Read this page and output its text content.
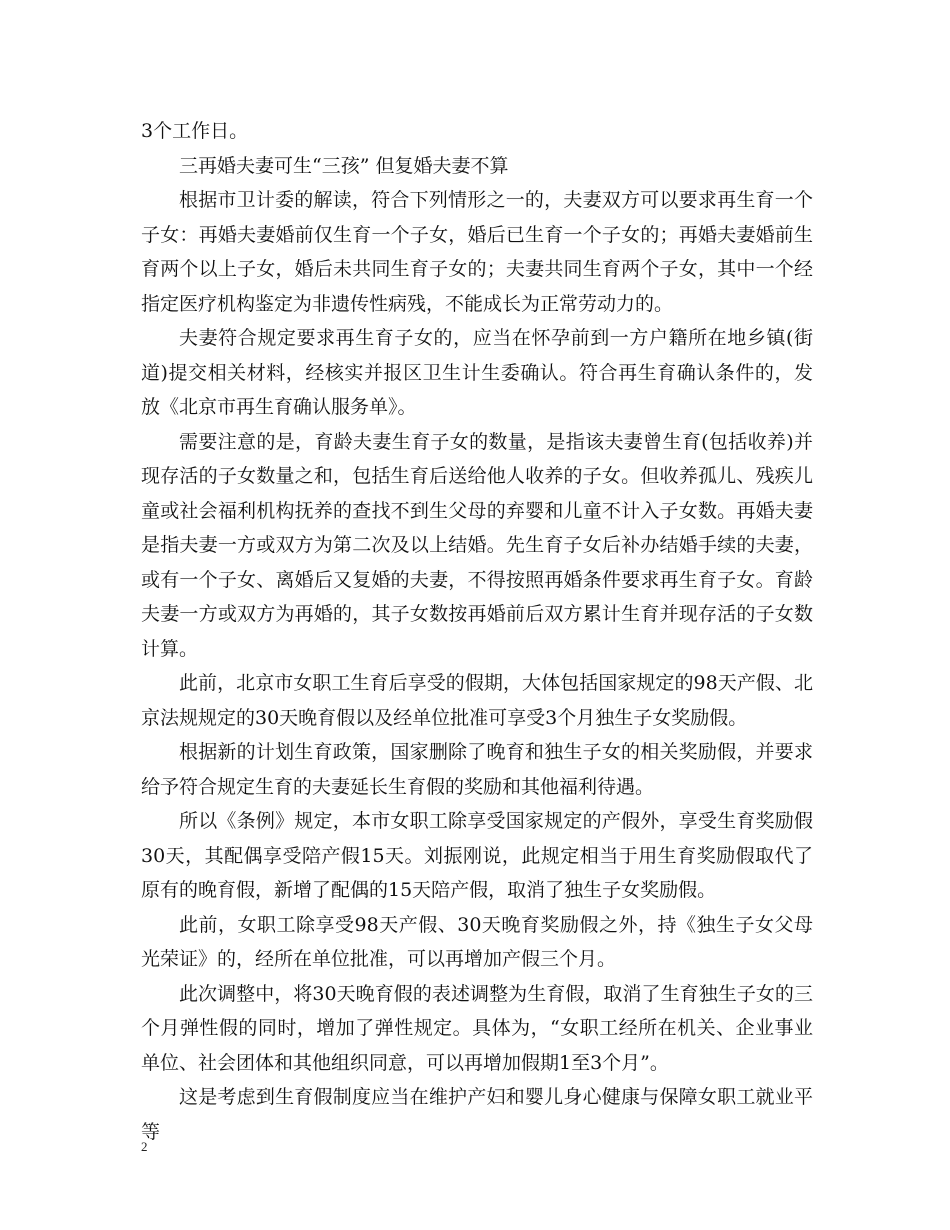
3个工作日。

三再婚夫妻可生“三孩” 但复婚夫妻不算

根据市卫计委的解读，符合下列情形之一的，夫妻双方可以要求再生育一个子女：再婚夫妻婚前仅生育一个子女，婚后已生育一个子女的；再婚夫妻婚前生育两个以上子女，婚后未共同生育子女的；夫妻共同生育两个子女，其中一个经指定医疗机构鉴定为非遗传性病残，不能成长为正常劳动力的。

夫妻符合规定要求再生育子女的，应当在怀孕前到一方户籍所在地乡镇(街道)提交相关材料，经核实并报区卫生计生委确认。符合再生育确认条件的，发放《北京市再生育确认服务单》。

需要注意的是，育龄夫妻生育子女的数量，是指该夫妻曾生育(包括收养)并现存活的子女数量之和，包括生育后送给他人收养的子女。但收养孤儿、残疾儿童或社会福利机构抚养的查找不到生父母的弃婴和儿童不计入子女数。再婚夫妻是指夫妻一方或双方为第二次及以上结婚。先生育子女后补办结婚手续的夫妻，或有一个子女、离婚后又复婚的夫妻，不得按照再婚条件要求再生育子女。育龄夫妻一方或双方为再婚的，其子女数按再婚前后双方累计生育并现存活的子女数计算。

此前，北京市女职工生育后享受的假期，大体包括国家规定的98天产假、北京法规规定的30天晚育假以及经单位批准可享受3个月独生子女奖励假。

根据新的计划生育政策，国家删除了晚育和独生子女的相关奖励假，并要求给予符合规定生育的夫妻延长生育假的奖励和其他福利待遇。

所以《条例》规定，本市女职工除享受国家规定的产假外，享受生育奖励假30天，其配偶享受陪产假15天。刘振刚说，此规定相当于用生育奖励假取代了原有的晚育假，新增了配偶的15天陪产假，取消了独生子女奖励假。

此前，女职工除享受98天产假、30天晚育奖励假之外，持《独生子女父母光荣证》的，经所在单位批准，可以再增加产假三个月。

此次调整中，将30天晚育假的表述调整为生育假，取消了生育独生子女的三个月弹性假的同时，增加了弹性规定。具体为，“女职工经所在机关、企业事业单位、社会团体和其他组织同意，可以再增加假期1至3个月”。

这是考虑到生育假制度应当在维护产妇和婴儿身心健康与保障女职工就业平等

2
